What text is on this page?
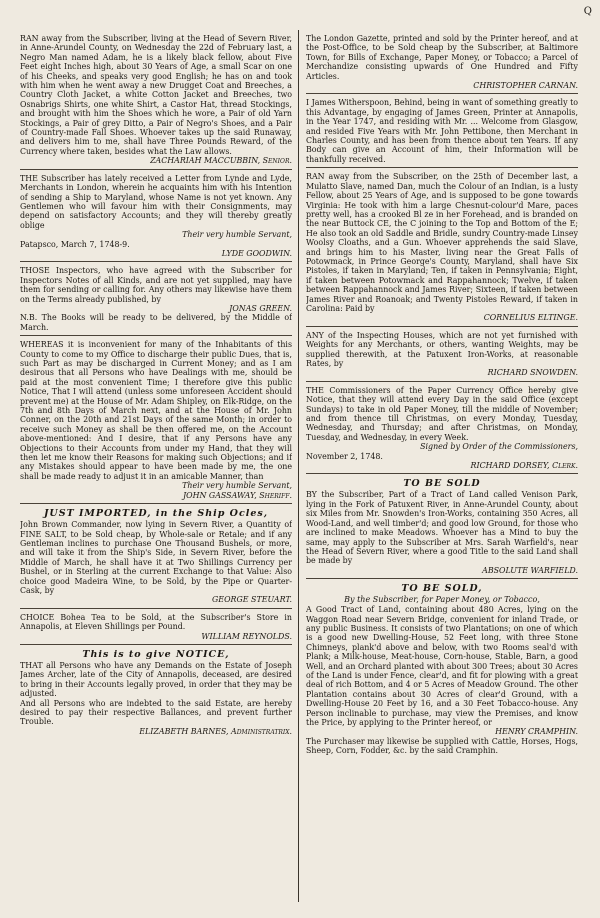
Q

RAN away from the Subscriber, living at the Head of Severn River, in Anne-Arundel County, on Wednesday the 22d of February last, a Negro Man named Adam, he is a likely black fellow, about Five Feet eight Inches high, about 30 Years of Age, a small Scar on one of his Cheeks, and speaks very good English; he has on and took with him when he went away a new Drugget Coat and Breeches, a Country Cloth Jacket, a white Cotton Jacket and Breeches, two Osnabrigs Shirts, one white Shirt, a Castor Hat, thread Stockings, and brought with him the Shoes which he wore, a Pair of old Yarn Stockings, a Pair of grey Ditto, a Pair of Negro's Shoes, and a Pair of Country-made Fall Shoes. Whoever takes up the said Runaway, and delivers him to me, shall have Three Pounds Reward, of the Currency where taken, besides what the Law allows.

ZACHARIAH MACCUBBIN, Senior.

THE Subscriber has lately received a Letter from Lynde and Lyde, Merchants in London, wherein he acquaints him with his Intention of sending a Ship to Maryland, whose Name is not yet known. Any Gentlemen who will favour him with their Consignments, may depend on satisfactory Accounts; and they will thereby greatly oblige

Their very humble Servant,

Patapsco, March 7, 1748-9.

LYDE GOODWIN.

THOSE Inspectors, who have agreed with the Subscriber for Inspectors Notes of all Kinds, and are not yet supplied, may have them for sending or calling for. Any others may likewise have them on the Terms already published, by

JONAS GREEN.

N.B. The Books will be ready to be delivered, by the Middle of March.

WHEREAS it is inconvenient for many of the Inhabitants of this County to come to my Office to discharge their public Dues, that is, such Part as may be discharged in Current Money; and as I am desirous that all Persons who have Dealings with me, should be paid at the most convenient Time; I therefore give this public Notice, That I will attend (unless some unforeseen Accident should prevent me) at the House of Mr. Adam Shipley, on Elk-Ridge, on the 7th and 8th Days of March next, and at the House of Mr. John Conner, on the 20th and 21st Days of the same Month; in order to receive such Money as shall be then offered me, on the Account above-mentioned: And I desire, that if any Persons have any Objections to their Accounts from under my Hand, that they will then let me know their Reasons for making such Objections; and if any Mistakes should appear to have been made by me, the one shall be made ready to adjust it in an amicable Manner, than

Their very humble Servant,

JOHN GASSAWAY, Sheriff.

JUST IMPORTED, in the Ship Ocles,

John Brown Commander, now lying in Severn River, a Quantity of FINE SALT, to be Sold cheap, by Whole-sale or Retale; and if any Gentleman inclines to purchase One Thousand Bushels, or more, and will take it from the Ship's Side, in Severn River, before the Middle of March, he shall have it at Two Shillings Currency per Bushel, or in Sterling at the current Exchange to that Value: Also choice good Madeira Wine, to be Sold, by the Pipe or Quarter-Cask, by

GEORGE STEUART.

CHOICE Bohea Tea to be Sold, at the Subscriber's Store in Annapolis, at Eleven Shillings per Pound.

WILLIAM REYNOLDS.

This is to give NOTICE,

THAT all Persons who have any Demands on the Estate of Joseph James Archer, late of the City of Annapolis, deceased, are desired to bring in their Accounts legally proved, in order that they may be adjusted.

And all Persons who are indebted to the said Estate, are hereby desired to pay their respective Ballances, and prevent further Trouble.

ELIZABETH BARNES, Administratrix.

The London Gazette, printed and sold by the Printer hereof, and at the Post-Office, to be Sold cheap by the Subscriber, at Baltimore Town, for Bills of Exchange, Paper Money, or Tobacco; a Parcel of Merchandize consisting upwards of One Hundred and Fifty Articles.

CHRISTOPHER CARNAN.

I James Witherspoon, Behind, being in want of something greatly to this Advantage, by engaging of James Green, Printer at Annapolis, in the Year 1747, and residing with Mr. ... Welcome from Glasgow, and resided Five Years with Mr. John Pettibone, then Merchant in Charles County, and has been from thence about ten Years. If any Body can give an Account of him, their Information will be thankfully received.

RAN away from the Subscriber, on the 25th of December last, a Mulatto Slave, named Dan, much the Colour of an Indian, is a lusty Fellow, about 25 Years of Age, and is supposed to be gone towards Virginia: He took with him a large Chesnut-colour'd Mare, paces pretty well, has a crooked Bl ze in her Forehead, and is branded on the near Buttock CE, the C joining to the Top and Bottom of the E; He also took an old Saddle and Bridle, sundry Country-made Linsey Woolsy Cloaths, and a Gun. Whoever apprehends the said Slave, and brings him to his Master, living near the Great Falls of Potowmack, in Prince George's County, Maryland, shall have Six Pistoles, if taken in Maryland; Ten, if taken in Pennsylvania; Eight, if taken between Potowmack and Rappahannock; Twelve, if taken between Rappahannock and James River; Sixteen, if taken between James River and Roanoak; and Twenty Pistoles Reward, if taken in Carolina: Paid by

CORNELIUS ELTINGE.

ANY of the Inspecting Houses, which are not yet furnished with Weights for any Merchants, or others, wanting Weights, may be supplied therewith, at the Patuxent Iron-Works, at reasonable Rates, by

RICHARD SNOWDEN.

THE Commissioners of the Paper Currency Office hereby give Notice, that they will attend every Day in the said Office (except Sundays) to take in old Paper Money, till the middle of November; and from thence till Christmas, on every Monday, Tuesday, Wednesday, and Thursday; and after Christmas, on Monday, Tuesday, and Wednesday, in every Week.

Signed by Order of the Commissioners,

November 2, 1748.

RICHARD DORSEY, Clerk.

TO BE SOLD

BY the Subscriber, Part of a Tract of Land called Venison Park, lying in the Fork of Patuxent River, in Anne-Arundel County, about six Miles from Mr. Snowden's Iron-Works, containing 350 Acres, all Wood-Land, and well timber'd; and good low Ground, for those who are inclined to make Meadows. Whoever has a Mind to buy the same, may apply to the Subscriber at Mrs. Sarah Warfield's, near the Head of Severn River, where a good Title to the said Land shall be made by

ABSOLUTE WARFIELD.

TO BE SOLD,

By the Subscriber, for Paper Money, or Tobacco,

A Good Tract of Land, containing about 480 Acres, lying on the Waggon Road near Severn Bridge, convenient for inland Trade, or any public Business. It consists of two Plantations; on one of which is a good new Dwelling-House, 52 Feet long, with three Stone Chimneys, plank'd above and below, with two Rooms seal'd with Plank; a Milk-house, Meat-house, Corn-house, Stable, Barn, a good Well, and an Orchard planted with about 300 Trees; about 30 Acres of the Land is under Fence, clear'd, and fit for plowing with a great deal of rich Bottom, and 4 or 5 Acres of Meadow Ground. The other Plantation contains about 30 Acres of clear'd Ground, with a Dwelling-House 20 Feet by 16, and a 30 Feet Tobacco-house. Any Person inclinable to purchase, may view the Premises, and know the Price, by applying to the Printer hereof, or

HENRY CRAMPHIN.

The Purchaser may likewise be supplied with Cattle, Horses, Hogs, Sheep, Corn, Fodder, &c. by the said Cramphin.
